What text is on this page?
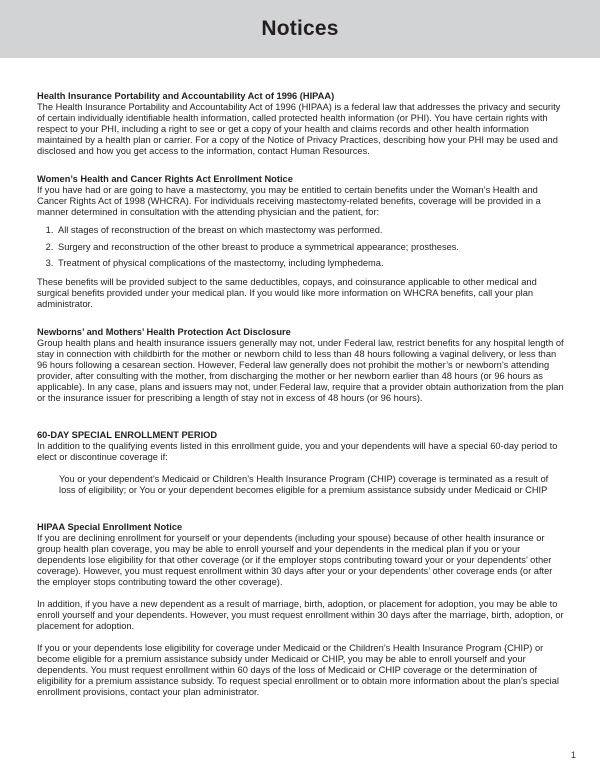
Notices
Health Insurance Portability and Accountability Act of 1996 (HIPAA)

The Health Insurance Portability and Accountability Act of 1996 (HIPAA) is a federal law that addresses the privacy and security of certain individually identifiable health information, called protected health information (or PHI). You have certain rights with respect to your PHI, including a right to see or get a copy of your health and claims records and other health information maintained by a health plan or carrier. For a copy of the Notice of Privacy Practices, describing how your PHI may be used and disclosed and how you get access to the information, contact Human Resources.

Women’s Health and Cancer Rights Act Enrollment Notice

If you have had or are going to have a mastectomy, you may be entitled to certain benefits under the Woman’s Health and Cancer Rights Act of 1998 (WHCRA). For individuals receiving mastectomy-related benefits, coverage will be provided in a manner determined in consultation with the attending physician and the patient, for:

1. All stages of reconstruction of the breast on which mastectomy was performed.
2. Surgery and reconstruction of the other breast to produce a symmetrical appearance; prostheses.
3. Treatment of physical complications of the mastectomy, including lymphedema.

These benefits will be provided subject to the same deductibles, copays, and coinsurance applicable to other medical and surgical benefits provided under your medical plan. If you would like more information on WHCRA benefits, call your plan administrator.

Newborns’ and Mothers’ Health Protection Act Disclosure

Group health plans and health insurance issuers generally may not, under Federal law, restrict benefits for any hospital length of stay in connection with childbirth for the mother or newborn child to less than 48 hours following a vaginal delivery, or less than 96 hours following a cesarean section. However, Federal law generally does not prohibit the mother’s or newborn’s attending provider, after consulting with the mother, from discharging the mother or her newborn earlier than 48 hours (or 96 hours as applicable). In any case, plans and issuers may not, under Federal law, require that a provider obtain authorization from the plan or the insurance issuer for prescribing a length of stay not in excess of 48 hours (or 96 hours).

60-DAY SPECIAL ENROLLMENT PERIOD

In addition to the qualifying events listed in this enrollment guide, you and your dependents will have a special 60-day period to elect or discontinue coverage if:

You or your dependent’s Medicaid or Children’s Health Insurance Program (CHIP) coverage is terminated as a result of loss of eligibility; or You or your dependent becomes eligible for a premium assistance subsidy under Medicaid or CHIP

HIPAA Special Enrollment Notice

If you are declining enrollment for yourself or your dependents (including your spouse) because of other health insurance or group health plan coverage, you may be able to enroll yourself and your dependents in the medical plan if you or your dependents lose eligibility for that other coverage (or if the employer stops contributing toward your or your dependents’ other coverage). However, you must request enrollment within 30 days after your or your dependents’ other coverage ends (or after the employer stops contributing toward the other coverage).

In addition, if you have a new dependent as a result of marriage, birth, adoption, or placement for adoption, you may be able to enroll yourself and your dependents. However, you must request enrollment within 30 days after the marriage, birth, adoption, or placement for adoption.

If you or your dependents lose eligibility for coverage under Medicaid or the Children’s Health Insurance Program {CHIP) or become eligible for a premium assistance subsidy under Medicaid or CHIP, you may be able to enroll yourself and your dependents. You must request enrollment within 60 days of the loss of Medicaid or CHIP coverage or the determination of eligibility for a premium assistance subsidy. To request special enrollment or to obtain more information about the plan’s special enrollment provisions, contact your plan administrator.

1
